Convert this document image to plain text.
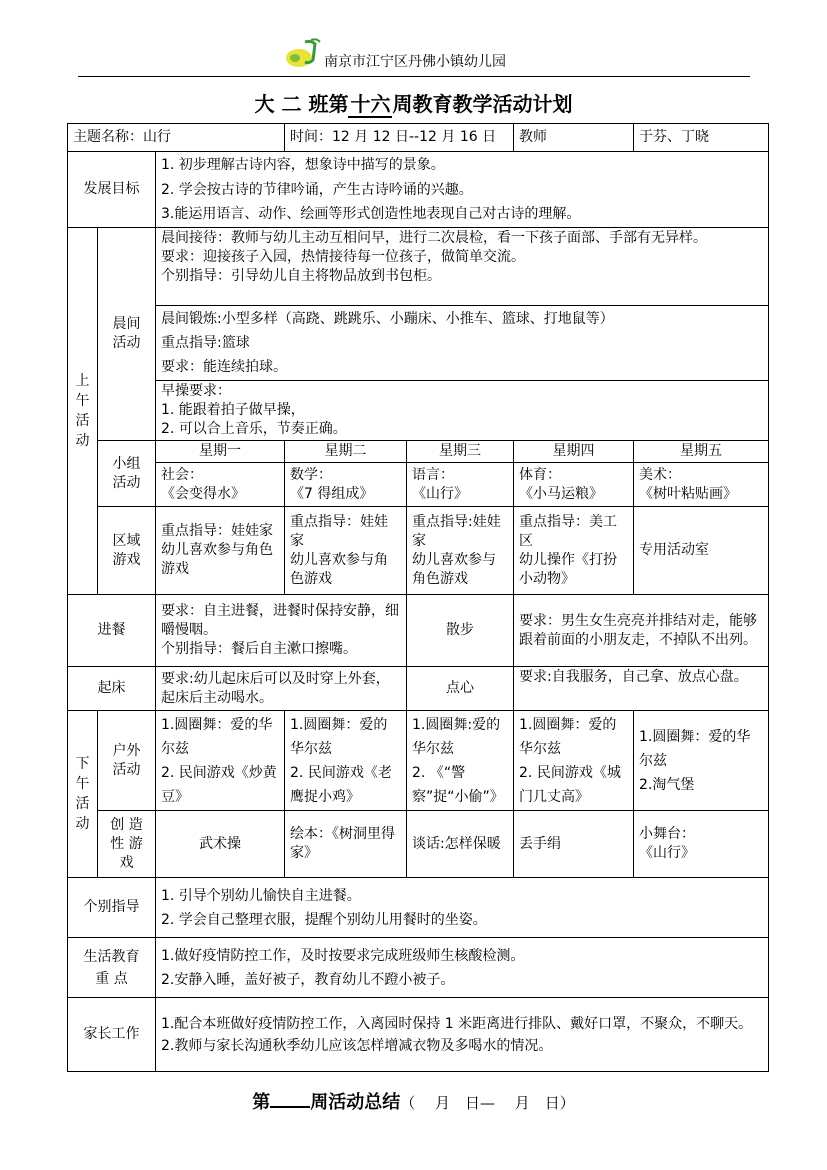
南京市江宁区丹佛小镇幼儿园
大 二 班第 十六 周教育教学活动计划
主题名称：山行			时间：12 月 12 日--12 月 16 日		教师	于芬、丁晓
发展目标		1. 初步理解古诗内容，想象诗中描写的景象。
2. 学会按古诗的节律吟诵，产生古诗吟诵的兴趣。
3.能运用语言、动作、绘画等形式创造性地表现自己对古诗的理解。				

上
午
活
动	晨间
活动	晨间接待：教师与幼儿主动互相问早，进行二次晨检，看一下孩子面部、手部有无异样。
要求：迎接孩子入园，热情接待每一位孩子，做简单交流。
个别指导：引导幼儿自主将物品放到书包柜。				
		晨间锻炼:小型多样（高跷、跳跳乐、小蹦床、小推车、篮球、打地鼠等）
重点指导:篮球
要求：能连续拍球。				
		早操要求：
1. 能跟着拍子做早操，
2. 可以合上音乐，节奏正确。				
	小组
活动	星期一	星期二	星期三	星期四	星期五
		社会：
《会变得水》	数学：
《7 得组成》	语言：
《山行》	体育：
《小马运粮》	美术：
《树叶粘贴画》
	区域
游戏	重点指导：娃娃家
幼儿喜欢参与角色游戏	重点指导：娃娃家
幼儿喜欢参与角色游戏	重点指导:娃娃家
幼儿喜欢参与角色游戏	重点指导：美工区
幼儿操作《打扮小动物》	专用活动室
进餐		要求：自主进餐，进餐时保持安静，细嚼慢咽。
个别指导：餐后自主漱口擦嘴。		散步	要求：男生女生亮亮并排结对走，能够跟着前面的小朋友走，不掉队不出列。	
起床		要求:幼儿起床后可以及时穿上外套，起床后主动喝水。		点心	要求:自我服务，自己拿、放点心盘。	
下
午
活
动	户外
活动	1.圆圈舞：爱的华尔兹
2. 民间游戏《炒黄豆》	1.圆圈舞：爱的华尔兹
2. 民间游戏《老鹰捉小鸡》	1.圆圈舞:爱的华尔兹
2. 《“警察”捉“小偷”》	1.圆圈舞：爱的华尔兹
2. 民间游戏《城门几丈高》	1.圆圈舞：爱的华尔兹
2.淘气堡
	创 造
性 游
戏	武术操	绘本：《树洞里得家》	谈话:怎样保暖	丢手绢	小舞台：
《山行》
个别指导		1. 引导个别幼儿愉快自主进餐。
2. 学会自己整理衣服，提醒个别幼儿用餐时的坐姿。				
生活教育
重 点		1.做好疫情防控工作，及时按要求完成班级师生核酸检测。
2.安静入睡，盖好被子，教育幼儿不蹬小被子。				
家长工作		1.配合本班做好疫情防控工作，入离园时保持 1 米距离进行排队、戴好口罩，不聚众，不聊天。
2.教师与家长沟通秋季幼儿应该怎样增减衣物及多喝水的情况。				
第 周活动总结（　 月　日—　 月　日）
